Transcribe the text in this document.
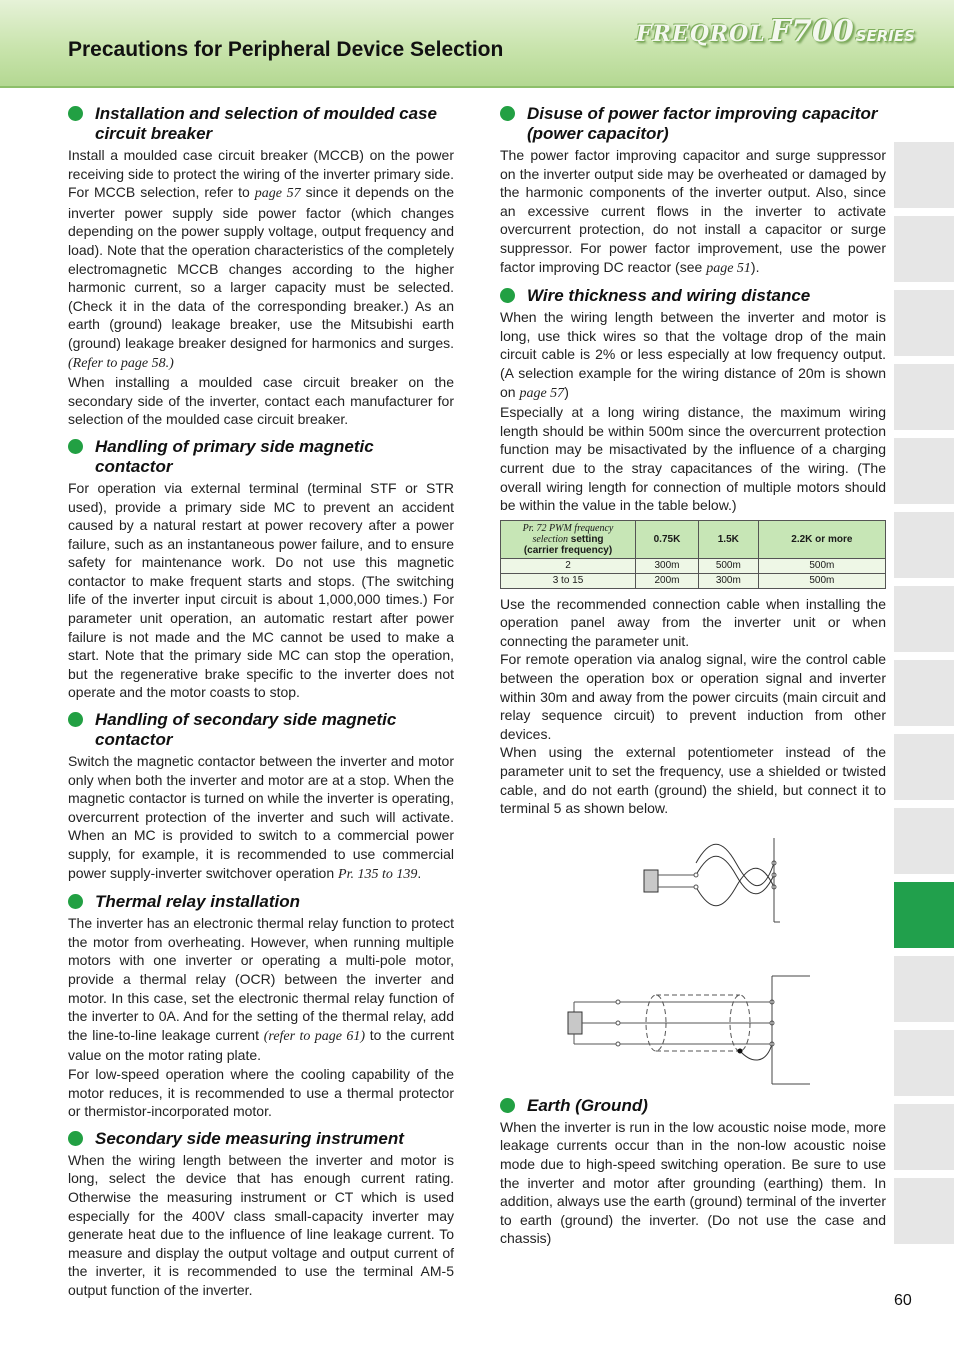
Precautions for Peripheral Device Selection
FREQROL F700 SERIES
Installation and selection of moulded case circuit breaker

Install a moulded case circuit breaker (MCCB) on the power receiving side to protect the wiring of the inverter primary side. For MCCB selection, refer to page 57 since it depends on the inverter power supply side power factor (which changes depending on the power supply voltage, output frequency and load). Note that the operation characteristics of the completely electromagnetic MCCB changes according to the higher harmonic current, so a larger capacity must be selected. (Check it in the data of the corresponding breaker.) As an earth (ground) leakage breaker, use the Mitsubishi earth (ground) leakage breaker designed for harmonics and surges. (Refer to page 58.)

When installing a moulded case circuit breaker on the secondary side of the inverter, contact each manufacturer for selection of the moulded case circuit breaker.

Handling of primary side magnetic contactor

For operation via external terminal (terminal STF or STR used), provide a primary side MC to prevent an accident caused by a natural restart at power recovery after a power failure, such as an instantaneous power failure, and to ensure safety for maintenance work. Do not use this magnetic contactor to make frequent starts and stops. (The switching life of the inverter input circuit is about 1,000,000 times.) For parameter unit operation, an automatic restart after power failure is not made and the MC cannot be used to make a start. Note that the primary side MC can stop the operation, but the regenerative brake specific to the inverter does not operate and the motor coasts to stop.

Handling of secondary side magnetic contactor

Switch the magnetic contactor between the inverter and motor only when both the inverter and motor are at a stop. When the magnetic contactor is turned on while the inverter is operating, overcurrent protection of the inverter and such will activate. When an MC is provided to switch to a commercial power supply, for example, it is recommended to use commercial power supply-inverter switchover operation Pr. 135 to 139.

Thermal relay installation

The inverter has an electronic thermal relay function to protect the motor from overheating. However, when running multiple motors with one inverter or operating a multi-pole motor, provide a thermal relay (OCR) between the inverter and motor. In this case, set the electronic thermal relay function of the inverter to 0A. And for the setting of the thermal relay, add the line-to-line leakage current (refer to page 61) to the current value on the motor rating plate.

For low-speed operation where the cooling capability of the motor reduces, it is recommended to use a thermal protector or thermistor-incorporated motor.

Secondary side measuring instrument

When the wiring length between the inverter and motor is long, select the device that has enough current rating. Otherwise the measuring instrument or CT which is used especially for the 400V class small-capacity inverter may generate heat due to the influence of line leakage current. To measure and display the output voltage and output current of the inverter, it is recommended to use the terminal AM-5 output function of the inverter.

Disuse of power factor improving capacitor (power capacitor)

The power factor improving capacitor and surge suppressor on the inverter output side may be overheated or damaged by the harmonic components of the inverter output. Also, since an excessive current flows in the inverter to activate overcurrent protection, do not install a capacitor or surge suppressor. For power factor improvement, use the power factor improving DC reactor (see page 51).

Wire thickness and wiring distance

When the wiring length between the inverter and motor is long, use thick wires so that the voltage drop of the main circuit cable is 2% or less especially at low frequency output. (A selection example for the wiring distance of 20m is shown on page 57)

Especially at a long wiring distance, the maximum wiring length should be within 500m since the overcurrent protection function may be misactivated by the influence of a charging current due to the stray capacitances of the wiring. (The overall wiring length for connection of multiple motors should be within the value in the table below.)

Pr. 72 PWM frequency selection setting
(carrier frequency)	0.75K	1.5K	2.2K or more
2	300m	500m	500m
3 to 15	200m	300m	500m

Use the recommended connection cable when installing the operation panel away from the inverter unit or when connecting the parameter unit.

For remote operation via analog signal, wire the control cable between the operation box or operation signal and inverter within 30m and away from the power circuits (main circuit and relay sequence circuit) to prevent induction from other devices.

When using the external potentiometer instead of the parameter unit to set the frequency, use a shielded or twisted cable, and do not earth (ground) the shield, but connect it to terminal 5 as shown below.

Earth (Ground)

When the inverter is run in the low acoustic noise mode, more leakage currents occur than in the non-low acoustic noise mode due to high-speed switching operation. Be sure to use the inverter and motor after grounding (earthing) them. In addition, always use the earth (ground) terminal of the inverter to earth (ground) the inverter. (Do not use the case and chassis)

60
